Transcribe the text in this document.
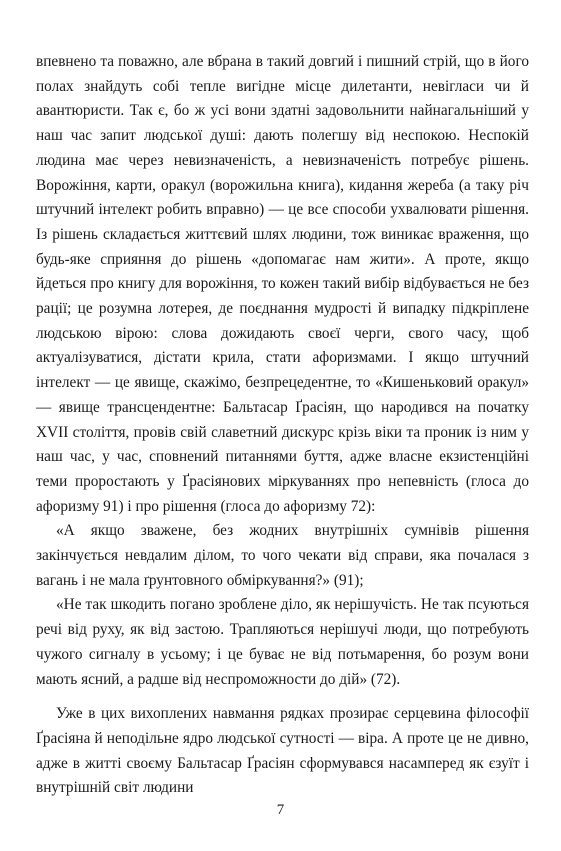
впевнено та поважно, але вбрана в такий довгий і пишний стрій, що в його полах знайдуть собі тепле вигідне місце дилетанти, невігласи чи й авантюристи. Так є, бо ж усі вони здатні задовольнити найнагальніший у наш час запит людської душі: дають полегшу від неспокою. Неспокій людина має через невизначеність, а невизначеність потребує рішень. Ворожіння, карти, оракул (ворожильна книга), кидання жереба (а таку річ штучний інтелект робить вправно) — це все способи ухвалювати рішення. Із рішень складається життєвий шлях людини, тож виникає враження, що будь-яке сприяння до рішень «допомагає нам жити». А проте, якщо йдеться про книгу для ворожіння, то кожен такий вибір відбувається не без рації; це розумна лотерея, де поєднання мудрості й випадку підкріплене людською вірою: слова дожидають своєї черги, свого часу, щоб актуалізуватися, дістати крила, стати афоризмами. І якщо штучний інтелект — це явище, скажімо, безпрецедентне, то «Кишеньковий оракул» — явище трансцендентне: Бальтасар Ґрасіян, що народився на початку XVII століття, провів свій славетний дискурс крізь віки та проник із ним у наш час, у час, сповнений питаннями буття, адже власне екзистенційні теми проростають у Ґрасіянових міркуваннях про непевність (глоса до афоризму 91) і про рішення (глоса до афоризму 72):

«А якщо зважене, без жодних внутрішніх сумнівів рішення закінчується невдалим ділом, то чого чекати від справи, яка почалася з вагань і не мала ґрунтовного обміркування?» (91);

«Не так шкодить погано зроблене діло, як нерішучість. Не так псуються речі від руху, як від застою. Трапляються нерішучі люди, що потребують чужого сигналу в усьому; і це буває не від потьмарення, бо розум вони мають ясний, а радше від неспроможности до дій» (72).

Уже в цих вихоплених навмання рядках прозирає серцевина філософії Ґрасіяна й неподільне ядро людської сутності — віра. А проте це не дивно, адже в житті своєму Бальтасар Ґрасіян сформувався насамперед як єзуїт і внутрішній світ людини

7
